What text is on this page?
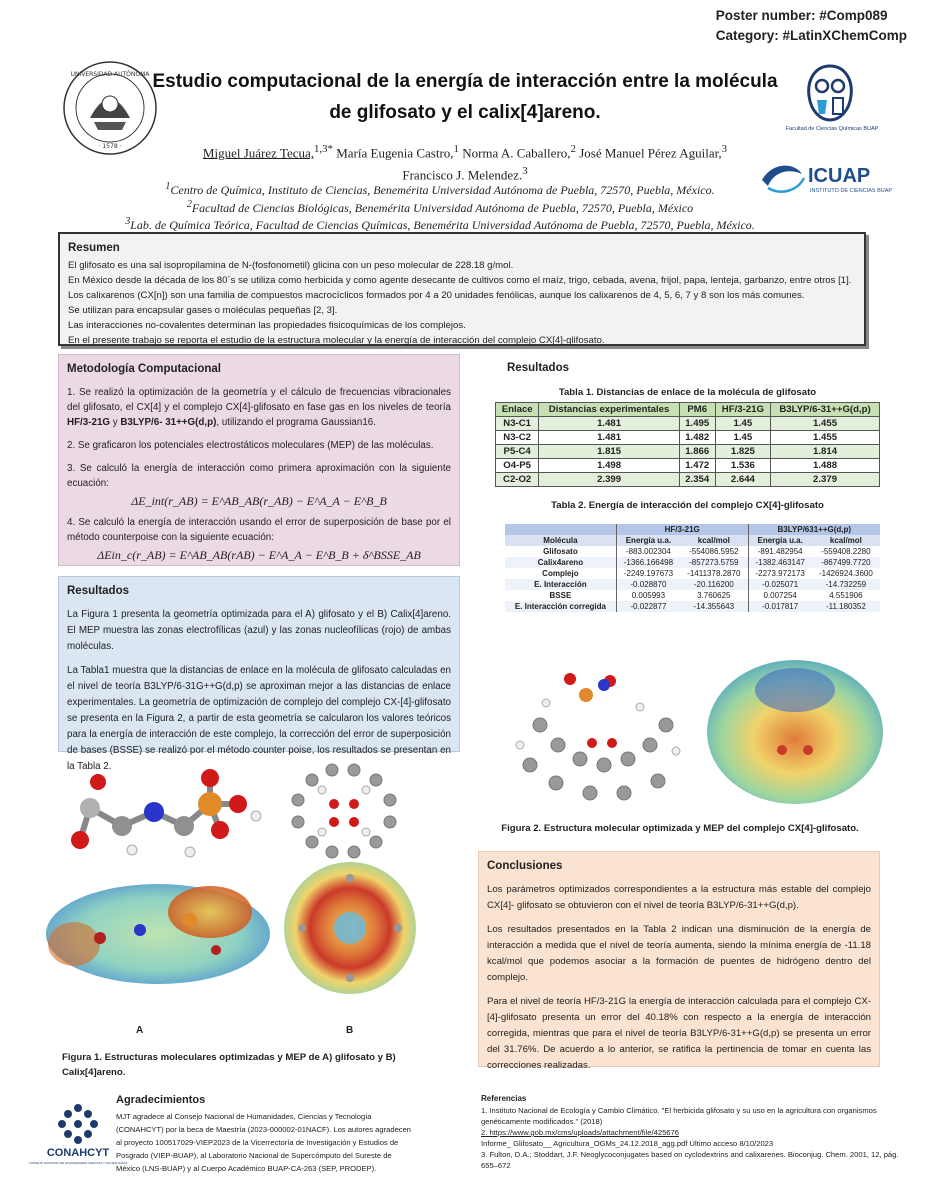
Poster number: #Comp089
Category: #LatinXChemComp
UNIVERSIDAD AUTÓNOMA
· 1578 ·
Estudio computacional de la energía de interacción entre la molécula
de glifosato y el calix[4]areno.
Facultad de Ciencias Químicas BUAP
Miguel Juárez Tecua,$^{1,3*}$ María Eugenia Castro,$^1$ Norma A. Caballero,$^2$ José Manuel Pérez Aguilar,$^3$
Francisco J. Melendez.$^3$
$^1$Centro de Química, Instituto de Ciencias, Benemérita Universidad Autónoma de Puebla, 72570, Puebla, México.
$^2$Facultad de Ciencias Biológicas, Benemérita Universidad Autónoma de Puebla, 72570, Puebla, México
$^3$Lab. de Química Teórica, Facultad de Ciencias Químicas, Benemérita Universidad Autónoma de Puebla, 72570, Puebla, México.
ICUAP
INSTITUTO DE CIENCIAS BUAP
Resumen

El glifosato es una sal isopropilamina de N-(fosfonometil) glicina con un peso molecular de 228.18 g/mol.

En México desde la década de los 80´s se utiliza como herbicida y como agente desecante de cultivos como el maíz, trigo, cebada, avena, frijol, papa, lenteja, garbanzo, entre otros [1].

Los calixarenos (CX[n]) son una familia de compuestos macrocíclicos formados por 4 a 20 unidades fenólicas, aunque los calixarenos de 4, 5, 6, 7 y 8 son los más comunes.

Se utilizan para encapsular gases o moléculas pequeñas [2, 3].

Las interacciones no-covalentes determinan las propiedades fisicoquímicas de los complejos.

En el presente trabajo se reporta el estudio de la estructura molecular y la energía de interacción del complejo CX[4]-glifosato.

Metodología Computacional

1. Se realizó la optimización de la geometría y el cálculo de frecuencias vibracionales del glifosato, el CX[4] y el complejo CX[4]-glifosato en fase gas en los niveles de teoría HF/3-21G y B3LYP/6- 31++G(d,p), utilizando el programa Gaussian16.

2. Se graficaron los potenciales electrostáticos moleculares (MEP) de las moléculas.

3. Se calculó la energía de interacción como primera aproximación con la siguiente ecuación:

ΔE_int(r_AB) = E^AB_AB(r_AB) − E^A_A − E^B_B

4. Se calculó la energía de interacción usando el error de superposición de base por el método counterpoise con la siguiente ecuación:

ΔEin_c(r_AB) = E^AB_AB(rAB) − E^A_A − E^B_B + δ^BSSE_AB
Resultados

La Figura 1 presenta la geometría optimizada para el A) glifosato y el B) Calix[4]areno. El MEP muestra las zonas electrofílicas (azul) y las zonas nucleofílicas (rojo) de ambas moléculas.

La Tabla1 muestra que la distancias de enlace en la molécula de glifosato calculadas en el nivel de teoría B3LYP/6-31G++G(d,p) se aproximan mejor a las distancias de enlace experimentales. La geometría de optimización de complejo del complejo CX-[4]-glifosato se presenta en la Figura 2, a partir de esta geometría se calcularon los valores teóricos para la energía de interacción de este complejo, la corrección del error de superposición de bases (BSSE) se realizó por el método counter poise, los resultados se presentan en la Tabla 2.

A	B
Figura 1. Estructuras moleculares optimizadas y MEP de A) glifosato y B) Calix[4]areno.
Resultados
Tabla 1. Distancias de enlace de la molécula de glifosato
Enlace	Distancias experimentales	PM6	HF/3-21G	B3LYP/6-31++G(d,p)
N3-C1	1.481	1.495	1.45	1.455
N3-C2	1.481	1.482	1.45	1.455
P5-C4	1.815	1.866	1.825	1.814
O4-P5	1.498	1.472	1.536	1.488
C2-O2	2.399	2.354	2.644	2.379
Tabla 2. Energía de interacción del complejo CX[4]-glifosato
	HF/3-21G		B3LYP/631++G(d,p)	
Molécula	Energía u.a.	kcal/mol	Energía u.a.	kcal/mol
Glifosato	-883.002304	-554086.5952	-891.482954	-559408.2280
Calix4areno	-1366.166498	-857273.5759	-1382.463147	-867499.7720
Complejo	-2249.197673	-1411378.2870	-2273.972173	-1426924.3600
E. Interacción	-0.028870	-20.116200	-0.025071	-14.732259
BSSE	0.005993	3.760625	0.007254	4.551906
E. Interacción corregida	-0.022877	-14.355643	-0.017817	-11.180352
Figura 2. Estructura molecular optimizada y MEP del complejo CX[4]-glifosato.
Conclusiones

Los parámetros optimizados correspondientes a la estructura más estable del complejo CX[4]- glifosato se obtuvieron con el nivel de teoría B3LYP/6-31++G(d,p).

Los resultados presentados en la Tabla 2 indican una disminución de la energía de interacción a medida que el nivel de teoría aumenta, siendo la mínima energía de -11.18 kcal/mol que podemos asociar a la formación de puentes de hidrógeno dentro del complejo.

Para el nivel de teoría HF/3-21G la energía de interacción calculada para el complejo CX-[4]-glifosato presenta un error del 40.18% con respecto a la energía de interacción corregida, mientras que para el nivel de teoría B3LYP/6-31++G(d,p) se presenta un error del 31.76%. De acuerdo a lo anterior, se ratifica la pertinencia de tomar en cuenta las correcciones realizadas.

CONAHCYT
CONSEJO NACIONAL DE HUMANIDADES CIENCIAS Y TECNOLOGÍAS
Agradecimientos
MJT agradece al Consejo Nacional de Humanidades, Ciencias y Tecnología (CONAHCYT) por la beca de Maestría (2023-000002-01NACF). Los autores agradecen al proyecto 100517029-VIEP2023 de la Vicerrectoría de Investigación y Estudios de Posgrado (VIEP-BUAP), al Laboratorio Nacional de Supercómputo del Sureste de México (LNS-BUAP) y al Cuerpo Académico BUAP-CA-263 (SEP, PRODEP).
Referencias
1. Instituto Nacional de Ecología y Cambio Climático. "El herbicida glifosato y su uso en la agricultura con organismos genéticamente modificados." (2018)
2. https://www.gob.mx/cms/uploads/attachment/file/425676
Informe_ Glifosato__ Agricultura_OGMs_24.12.2018_agg.pdf Último acceso 8/10/2023
3. Fulton, D.A.; Stoddart, J.F. Neoglycoconjugates based on cyclodextrins and calixarenes. Bioconjug. Chem. 2001, 12, pág. 655–672
